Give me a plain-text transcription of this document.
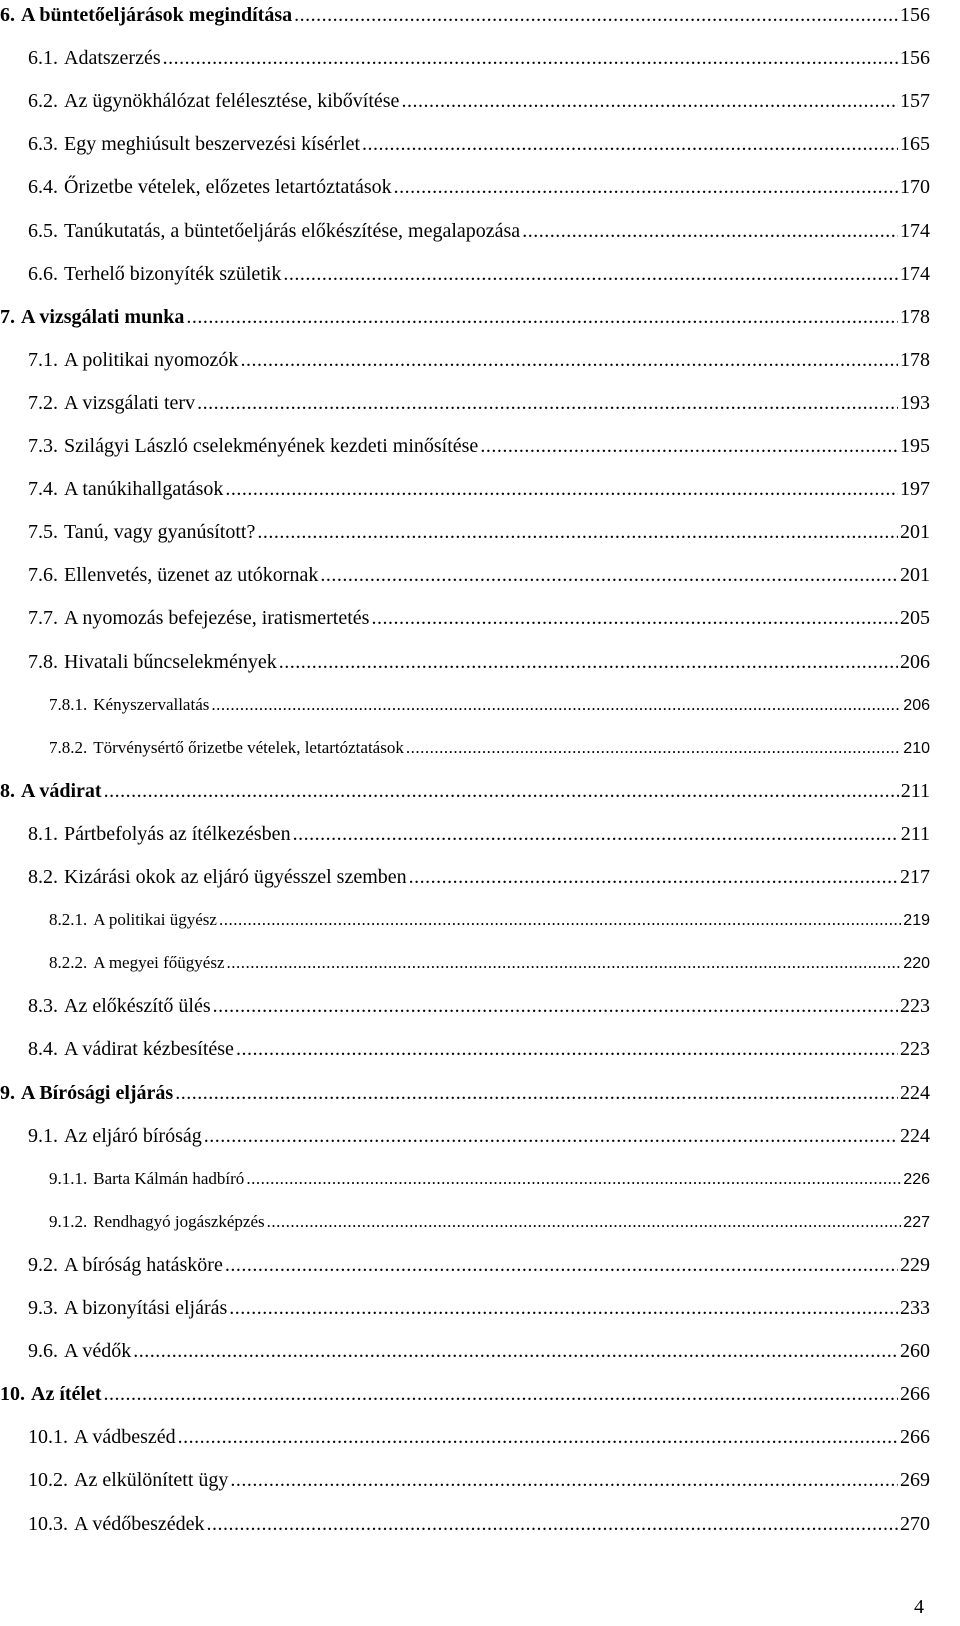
6. A büntetőeljárások megindítása .....	156
6.1. Adatszerzés .....	156
6.2. Az ügynökhálózat felélesztése, kibővítése .....	157
6.3. Egy meghiúsult beszervezési kísérlet .....	165
6.4. Őrizetbe vételek, előzetes letartóztatások .....	170
6.5. Tanúkutatás, a büntetőeljárás előkészítése, megalapozása .....	174
6.6. Terhelő bizonyíték születik .....	174
7. A vizsgálati munka .....	178
7.1. A politikai nyomozók .....	178
7.2. A vizsgálati terv .....	193
7.3. Szilágyi László cselekményének kezdeti minősítése .....	195
7.4. A tanúkihallgatások .....	197
7.5. Tanú, vagy gyanúsított? .....	201
7.6. Ellenvetés, üzenet az utókornak .....	201
7.7. A nyomozás befejezése, iratismertetés .....	205
7.8. Hivatali bűncselekmények .....	206
7.8.1. Kényszervallatás .....	206
7.8.2. Törvénysértő őrizetbe vételek, letartóztatások .....	210
8. A vádirat .....	211
8.1. Pártbefolyás az ítélkezésben .....	211
8.2. Kizárási okok az eljáró ügyésszel szemben .....	217
8.2.1. A politikai ügyész .....	219
8.2.2. A megyei főügyész .....	220
8.3. Az előkészítő ülés .....	223
8.4. A vádirat kézbesítése .....	223
9. A Bírósági eljárás .....	224
9.1. Az eljáró bíróság .....	224
9.1.1. Barta Kálmán hadbíró .....	226
9.1.2. Rendhagyó jogászképzés .....	227
9.2. A bíróság hatásköre .....	229
9.3. A bizonyítási eljárás .....	233
9.6. A védők .....	260
10. Az ítélet .....	266
10.1. A vádbeszéd .....	266
10.2. Az elkülönített ügy .....	269
10.3. A védőbeszédek .....	270
4
